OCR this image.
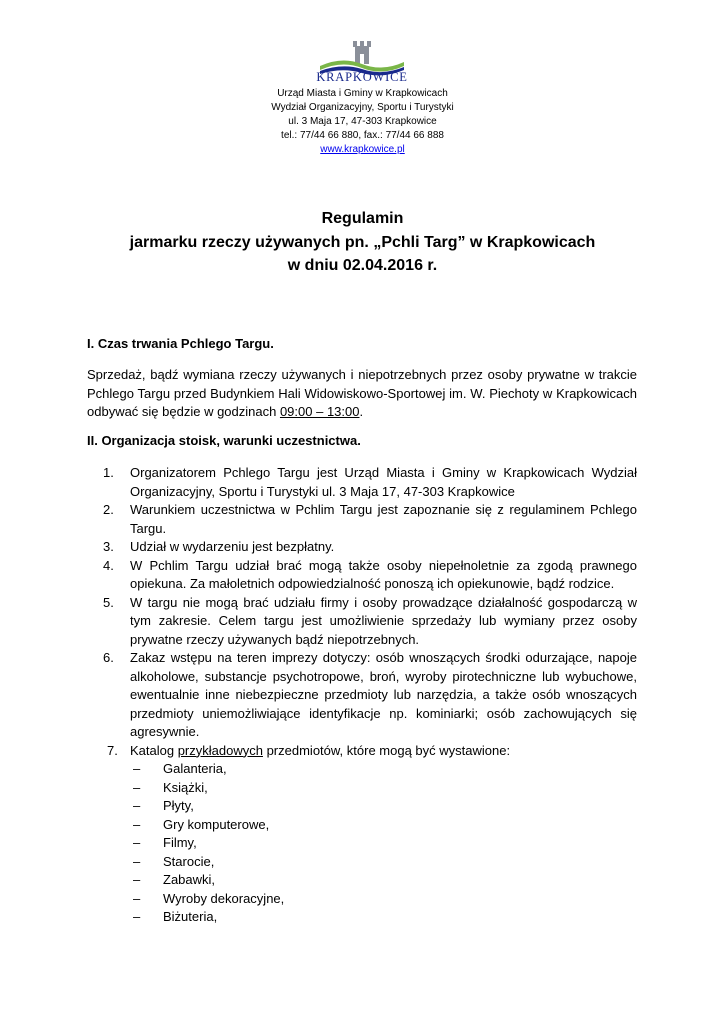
KRAPKOWICE
Urząd Miasta i Gminy w Krapkowicach
Wydział Organizacyjny, Sportu i Turystyki
ul. 3 Maja 17, 47-303 Krapkowice
tel.: 77/44 66 880, fax.: 77/44 66 888
www.krapkowice.pl
Regulamin
jarmarku rzeczy używanych pn. „Pchli Targ” w Krapkowicach
w dniu 02.04.2016 r.
I. Czas trwania Pchlego Targu.
Sprzedaż, bądź wymiana rzeczy używanych i niepotrzebnych przez osoby prywatne w trakcie Pchlego Targu przed Budynkiem Hali Widowiskowo-Sportowej im. W. Piechoty w Krapkowicach odbywać się będzie w godzinach 09:00 – 13:00.
II. Organizacja stoisk, warunki uczestnictwa.
1. Organizatorem Pchlego Targu jest Urząd Miasta i Gminy w Krapkowicach Wydział Organizacyjny, Sportu i Turystyki ul. 3 Maja 17, 47-303 Krapkowice
2. Warunkiem uczestnictwa w Pchlim Targu jest zapoznanie się z regulaminem Pchlego Targu.
3. Udział w wydarzeniu jest bezpłatny.
4. W Pchlim Targu udział brać mogą także osoby niepełnoletnie za zgodą prawnego opiekuna. Za małoletnich odpowiedzialność ponoszą ich opiekunowie, bądź rodzice.
5. W targu nie mogą brać udziału firmy i osoby prowadzące działalność gospodarczą w tym zakresie. Celem targu jest umożliwienie sprzedaży lub wymiany przez osoby prywatne rzeczy używanych bądź niepotrzebnych.
6. Zakaz wstępu na teren imprezy dotyczy: osób wnoszących środki odurzające, napoje alkoholowe, substancje psychotropowe, broń, wyroby pirotechniczne lub wybuchowe, ewentualnie inne niebezpieczne przedmioty lub narzędzia, a także osób wnoszących przedmioty uniemożliwiające identyfikacje np. kominiarki; osób zachowujących się agresywnie.
7. Katalog przykładowych przedmiotów, które mogą być wystawione:
– Galanteria,
– Książki,
– Płyty,
– Gry komputerowe,
– Filmy,
– Starocie,
– Zabawki,
– Wyroby dekoracyjne,
– Biżuteria,
